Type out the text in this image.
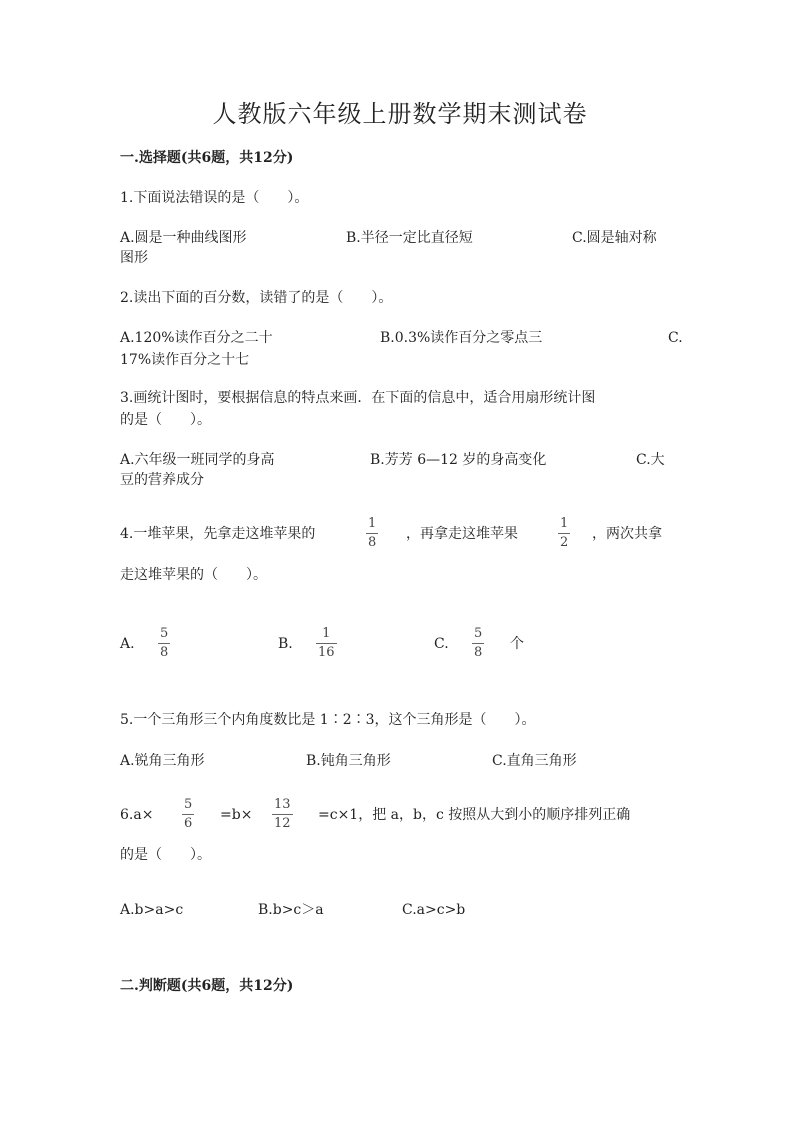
人教版六年级上册数学期末测试卷
一.选择题(共6题，共12分)
1.下面说法错误的是（　　）。
A.圆是一种曲线图形	B.半径一定比直径短	C.圆是轴对称
图形
2.读出下面的百分数，读错了的是（　　）。
A.120%读作百分之二十	B.0.3%读作百分之零点三	C.
17%读作百分之十七
3.画统计图时，要根据信息的特点来画．在下面的信息中，适合用扇形统计图
的是（　　）。
A.六年级一班同学的身高	B.芳芳 6—12 岁的身高变化	C.大
豆的营养成分
4.一堆苹果，先拿走这堆苹果的
1
8
，再拿走这堆苹果
1
2
，两次共拿
走这堆苹果的（　　）。
A.
5
8
B.
1
16
C.
5
8
个
5.一个三角形三个内角度数比是 1∶2∶3，这个三角形是（　　）。
A.锐角三角形	B.钝角三角形	C.直角三角形
6.a×
5
6
=b×
13
12
=c×1，把 a，b，c 按照从大到小的顺序排列正确
的是（　　）。
A.b>a>c	B.b>c＞a	C.a>c>b
二.判断题(共6题，共12分)
